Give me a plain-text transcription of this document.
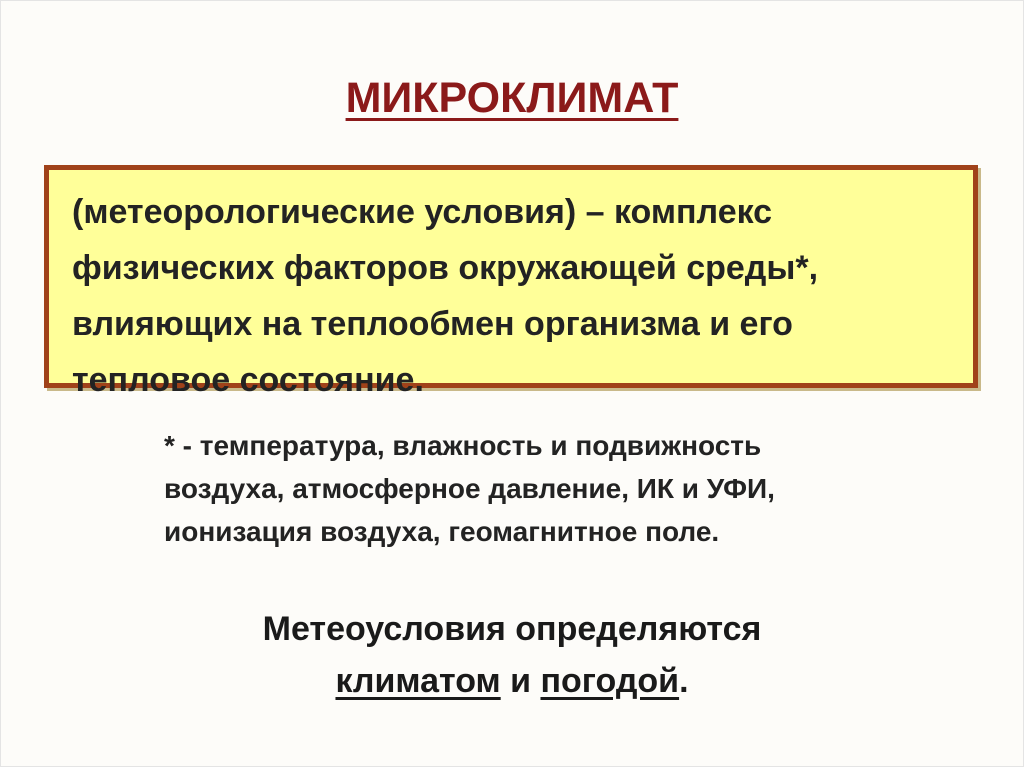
МИКРОКЛИМАТ
(метеорологические условия) – комплекс
физических факторов окружающей среды*,
влияющих на теплообмен организма и его
тепловое состояние.
* - температура, влажность и подвижность
воздуха, атмосферное давление, ИК и УФИ,
ионизация воздуха, геомагнитное поле.
Метеоусловия определяются
климатом и погодой.
